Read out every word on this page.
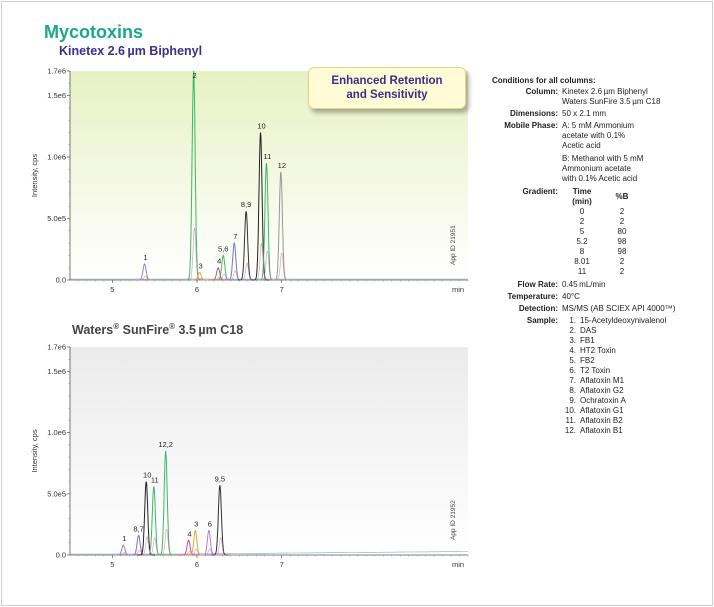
Mycotoxins
Kinetex 2.6 µm Biphenyl
Waters® SunFire® 3.5 µm C18
0.0
5.0e5
1.0e6
1.5e6
1.7e6
5	6	7	min
Intensity, cps
1
2
3
4
5,6
7
8,9
10
11
12
App ID 21951
0.0
5.0e5
1.0e6
1.5e6
1.7e6
5	6	7	min
Intensity, cps
1
8,7
10
11
12,2
4
3 6
9,5
App ID 21952
Enhanced Retention
and Sensitivity
Conditions for all columns:
Column: Kinetex 2.6 µm Biphenyl
Waters SunFire 3.5 µm C18
Dimensions: 50 x 2.1 mm
Mobile Phase: A: 5 mM Ammonium acetate with 0.1% Acetic acid
B: Methanol with 5 mM Ammonium acetate with 0.1% Acetic acid
Gradient:	Time (min)	%B
0	2
2	2
5	80
5.2	98
8	98
8.01	2
11	2
Flow Rate: 0.45 mL/min
Temperature: 40°C
Detection: MS/MS (AB SCIEX API 4000™)
Sample:	1. 15-Acetyldeoxynivalenol
2. DAS
3. FB1
4. HT2 Toxin
5. FB2
6. T2 Toxin
7. Aflatoxin M1
8. Aflatoxin G2
9. Ochratoxin A
10. Aflatoxin G1
11. Aflatoxin B2
12. Aflatoxin B1
